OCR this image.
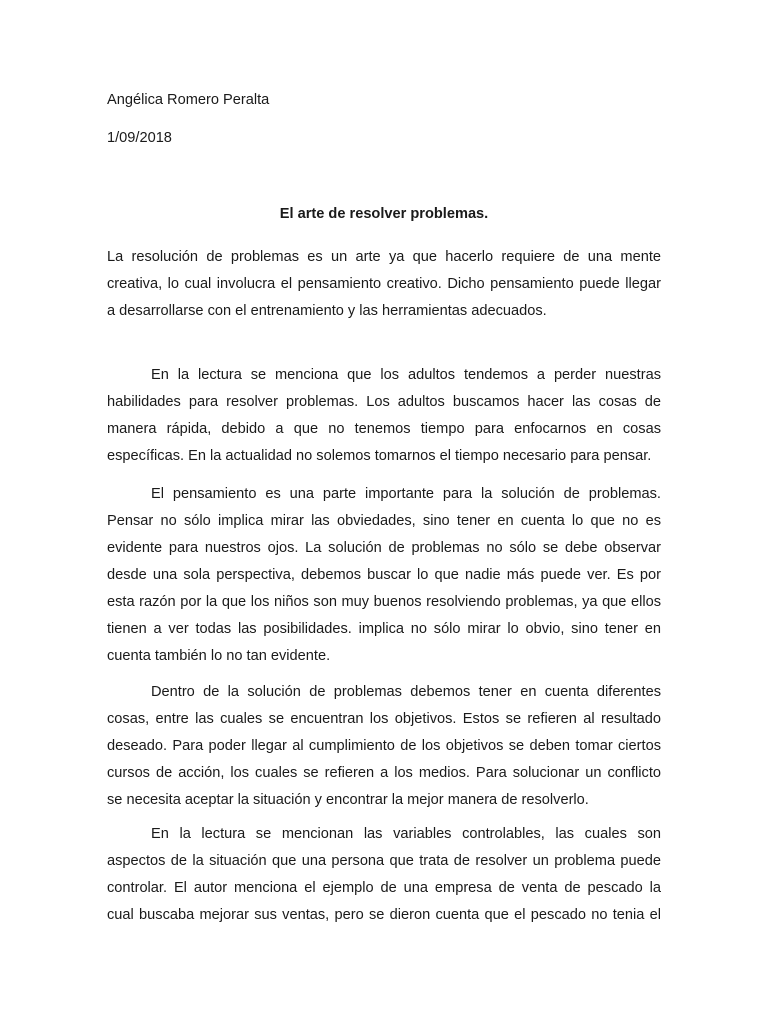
Angélica Romero Peralta
1/09/2018
El arte de resolver problemas.
La resolución de problemas es un arte ya que hacerlo requiere de una mente
creativa, lo cual involucra el pensamiento creativo. Dicho pensamiento puede llegar
a desarrollarse con el entrenamiento y las herramientas adecuados.
En la lectura se menciona que los adultos tendemos a perder nuestras
habilidades para resolver problemas. Los adultos buscamos hacer las cosas de
manera rápida, debido a que no tenemos tiempo para enfocarnos en cosas
específicas. En la actualidad no solemos tomarnos el tiempo necesario para pensar.
El pensamiento es una parte importante para la solución de problemas.
Pensar no sólo implica mirar las obviedades, sino tener en cuenta lo que no es
evidente para nuestros ojos. La solución de problemas no sólo se debe observar
desde una sola perspectiva, debemos buscar lo que nadie más puede ver. Es por
esta razón por la que los niños son muy buenos resolviendo problemas, ya que ellos
tienen a ver todas las posibilidades. implica no sólo mirar lo obvio, sino tener en
cuenta también lo no tan evidente.
Dentro de la solución de problemas debemos tener en cuenta diferentes
cosas, entre las cuales se encuentran los objetivos. Estos se refieren al resultado
deseado. Para poder llegar al cumplimiento de los objetivos se deben tomar ciertos
cursos de acción, los cuales se refieren a los medios. Para solucionar un conflicto
se necesita aceptar la situación y encontrar la mejor manera de resolverlo.
En la lectura se mencionan las variables controlables, las cuales son
aspectos de la situación que una persona que trata de resolver un problema puede
controlar. El autor menciona el ejemplo de una empresa de venta de pescado la
cual buscaba mejorar sus ventas, pero se dieron cuenta que el pescado no tenia el
